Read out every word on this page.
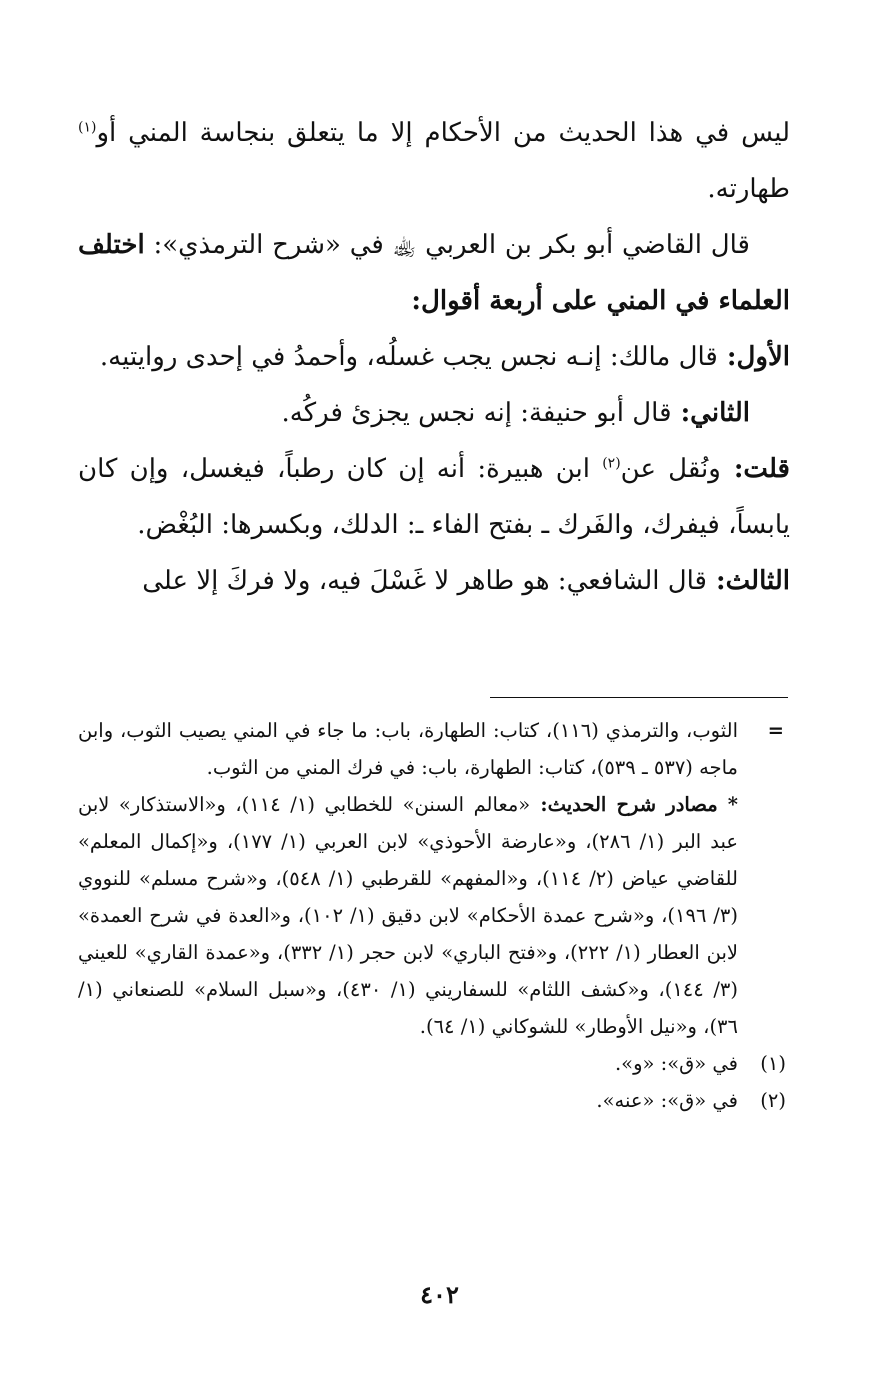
ليس في هذا الحديث من الأحكام إلا ما يتعلق بنجاسة المني أو$^{(١)}$ طهارته.

قال القاضي أبو بكر بن العربي ﵀ في «شرح الترمذي»: اختلف العلماء في المني على أربعة أقوال:

الأول: قال مالك: إنـه نجس يجب غسلُه، وأحمدُ في إحدى روايتيه.

الثاني: قال أبو حنيفة: إنه نجس يجزئ فركُه.

قلت: ونُقل عن$^{(٢)}$ ابن هبيرة: أنه إن كان رطباً، فيغسل، وإن كان يابساً، فيفرك، والفَرك ـ بفتح الفاء ـ: الدلك، وبكسرها: البُغْض.

الثالث: قال الشافعي: هو طاهر لا غَسْلَ فيه، ولا فركَ إلا على

=
الثوب، والترمذي (١١٦)، كتاب: الطهارة، باب: ما جاء في المني يصيب الثوب، وابن ماجه (٥٣٧ ـ ٥٣٩)، كتاب: الطهارة، باب: في فرك المني من الثوب.

* مصادر شرح الحديث: «معالم السنن» للخطابي (١/ ١١٤)، و«الاستذكار» لابن عبد البر (١/ ٢٨٦)، و«عارضة الأحوذي» لابن العربي (١/ ١٧٧)، و«إكمال المعلم» للقاضي عياض (٢/ ١١٤)، و«المفهم» للقرطبي (١/ ٥٤٨)، و«شرح مسلم» للنووي (٣/ ١٩٦)، و«شرح عمدة الأحكام» لابن دقيق (١/ ١٠٢)، و«العدة في شرح العمدة» لابن العطار (١/ ٢٢٢)، و«فتح الباري» لابن حجر (١/ ٣٣٢)، و«عمدة القاري» للعيني (٣/ ١٤٤)، و«كشف اللثام» للسفاريني (١/ ٤٣٠)، و«سبل السلام» للصنعاني (١/ ٣٦)، و«نيل الأوطار» للشوكاني (١/ ٦٤).

(١)في «ق»: «و».

(٢)في «ق»: «عنه».

٤٠٢
